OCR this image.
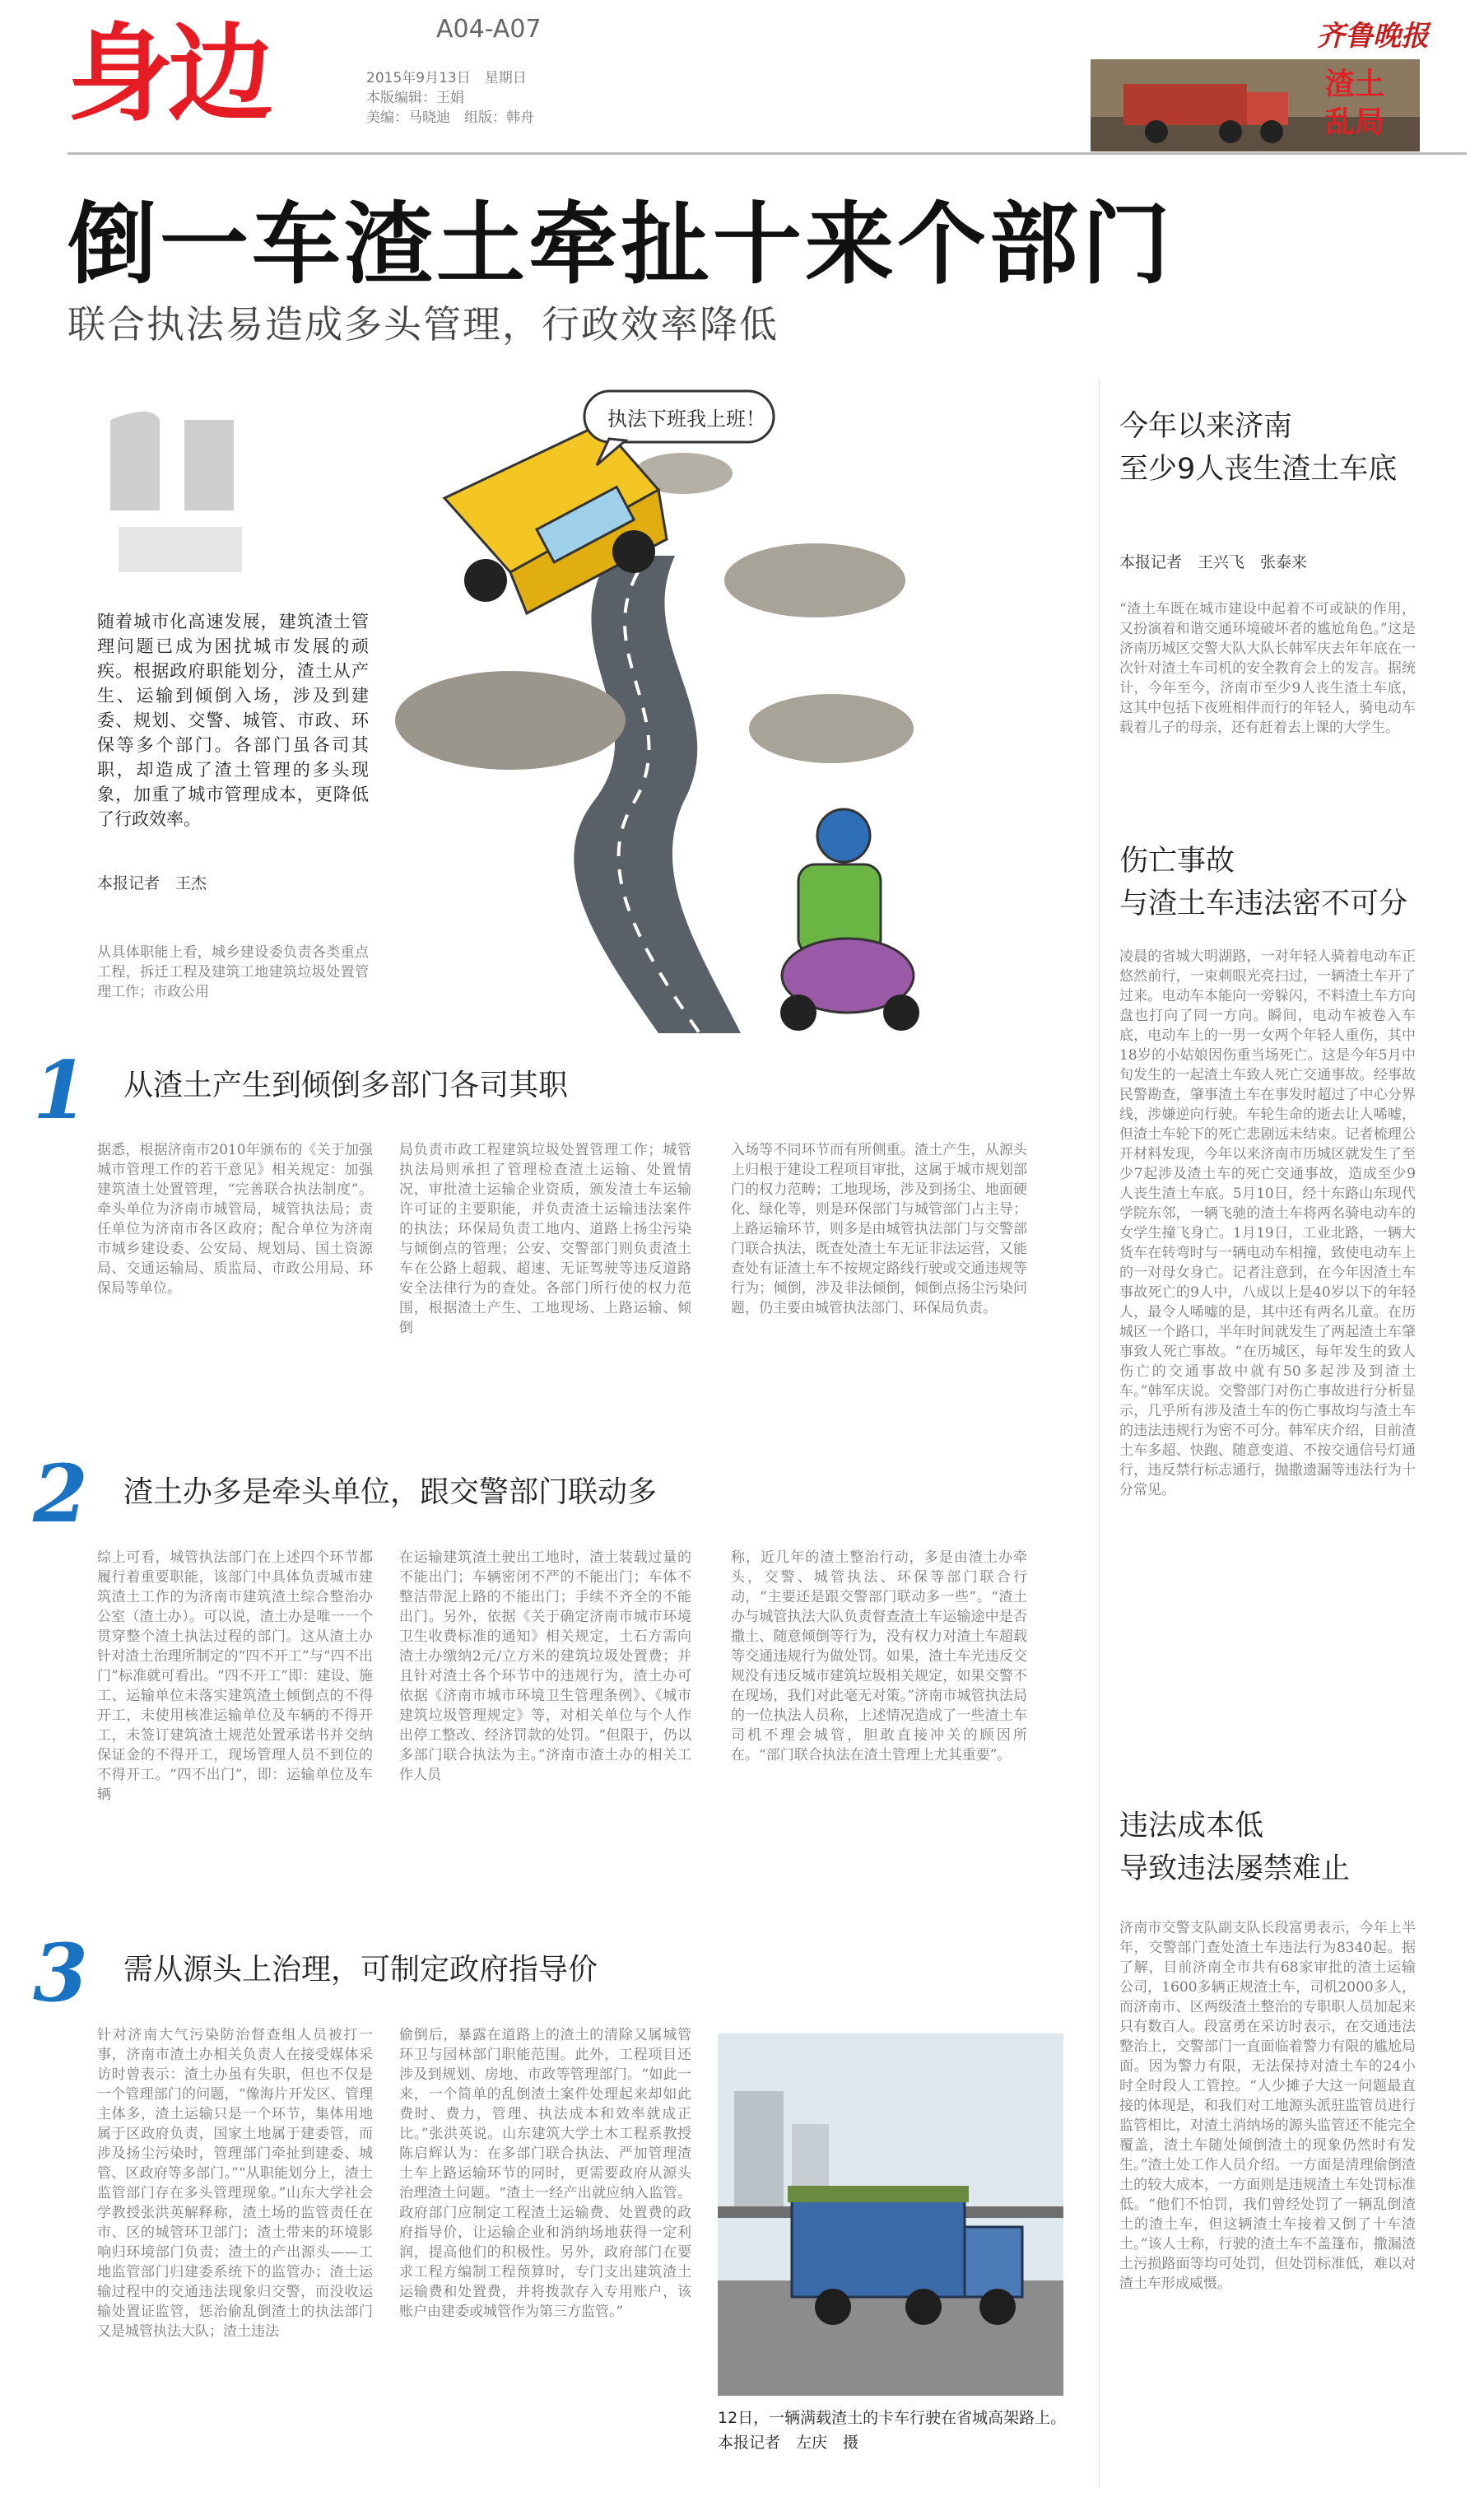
身边	A04-A07
2015年9月13日　星期日
本版编辑：王娟
美编：马晓迪　组版：韩舟
齐鲁晚报
渣土
乱局
倒一车渣土牵扯十来个部门
联合执法易造成多头管理，行政效率降低
随着城市化高速发展，建筑渣土管理问题已成为困扰城市发展的顽疾。根据政府职能划分，渣土从产生、运输到倾倒入场，涉及到建委、规划、交警、城管、市政、环保等多个部门。各部门虽各司其职，却造成了渣土管理的多头现象，加重了城市管理成本，更降低了行政效率。
本报记者　王杰
从具体职能上看，城乡建设委负责各类重点工程，拆迁工程及建筑工地建筑垃圾处置管理工作；市政公用
执法下班我上班！
1 从渣土产生到倾倒多部门各司其职
据悉，根据济南市2010年颁布的《关于加强城市管理工作的若干意见》相关规定：加强建筑渣土处置管理，“完善联合执法制度”。牵头单位为济南市城管局，城管执法局；责任单位为济南市各区政府；配合单位为济南市城乡建设委、公安局、规划局、国土资源局、交通运输局、质监局、市政公用局、环保局等单位。
局负责市政工程建筑垃圾处置管理工作；城管执法局则承担了管理检查渣土运输、处置情况，审批渣土运输企业资质，颁发渣土车运输许可证的主要职能，并负责渣土运输违法案件的执法；环保局负责工地内、道路上扬尘污染与倾倒点的管理；公安、交警部门则负责渣土车在公路上超载、超速、无证驾驶等违反道路安全法律行为的查处。各部门所行使的权力范围，根据渣土产生、工地现场、上路运输、倾倒
入场等不同环节而有所侧重。渣土产生，从源头上归根于建设工程项目审批，这属于城市规划部门的权力范畴；工地现场，涉及到扬尘、地面硬化、绿化等，则是环保部门与城管部门占主导；上路运输环节，则多是由城管执法部门与交警部门联合执法，既查处渣土车无证非法运营，又能查处有证渣土车不按规定路线行驶或交通违规等行为；倾倒，涉及非法倾倒，倾倒点扬尘污染问题，仍主要由城管执法部门、环保局负责。
2 渣土办多是牵头单位，跟交警部门联动多
综上可看，城管执法部门在上述四个环节都履行着重要职能，该部门中具体负责城市建筑渣土工作的为济南市建筑渣土综合整治办公室（渣土办）。可以说，渣土办是唯一一个贯穿整个渣土执法过程的部门。这从渣土办针对渣土治理所制定的“四不开工”与“四不出门”标准就可看出。“四不开工”即：建设、施工、运输单位未落实建筑渣土倾倒点的不得开工，未使用核准运输单位及车辆的不得开工，未签订建筑渣土规范处置承诺书并交纳保证金的不得开工，现场管理人员不到位的不得开工。“四不出门”，即：运输单位及车辆
在运输建筑渣土驶出工地时，渣土装载过量的不能出门；车辆密闭不严的不能出门；车体不整洁带泥上路的不能出门；手续不齐全的不能出门。另外，依据《关于确定济南市城市环境卫生收费标准的通知》相关规定，土石方需向渣土办缴纳2元/立方米的建筑垃圾处置费；并且针对渣土各个环节中的违规行为，渣土办可依据《济南市城市环境卫生管理条例》、《城市建筑垃圾管理规定》等，对相关单位与个人作出停工整改、经济罚款的处罚。“但限于，仍以多部门联合执法为主。”济南市渣土办的相关工作人员
称，近几年的渣土整治行动，多是由渣土办牵头，交警、城管执法、环保等部门联合行动，“主要还是跟交警部门联动多一些”。“渣土办与城管执法大队负责督查渣土车运输途中是否撒土、随意倾倒等行为，没有权力对渣土车超载等交通违规行为做处罚。如果，渣土车光违反交规没有违反城市建筑垃圾相关规定，如果交警不在现场，我们对此毫无对策。”济南市城管执法局的一位执法人员称，上述情况造成了一些渣土车司机不理会城管，胆敢直接冲关的顾因所在。“部门联合执法在渣土管理上尤其重要”。
3 需从源头上治理，可制定政府指导价
针对济南大气污染防治督查组人员被打一事，济南市渣土办相关负责人在接受媒体采访时曾表示：渣土办虽有失职，但也不仅是一个管理部门的问题，“像海片开发区、管理主体多，渣土运输只是一个环节，集体用地属于区政府负责，国家土地属于建委管，而涉及扬尘污染时，管理部门牵扯到建委、城管、区政府等多部门。”“从职能划分上，渣土监管部门存在多头管理现象。”山东大学社会学教授张洪英解释称，渣土场的监管责任在市、区的城管环卫部门；渣土带来的环境影响归环境部门负责；渣土的产出源头——工地监管部门归建委系统下的监管办；渣土运输过程中的交通违法现象归交警，而没收运输处置证监管，惩治偷乱倒渣土的执法部门又是城管执法大队；渣土违法
偷倒后，暴露在道路上的渣土的清除又属城管环卫与园林部门职能范围。此外，工程项目还涉及到规划、房地、市政等管理部门。“如此一来，一个简单的乱倒渣土案件处理起来却如此费时、费力，管理、执法成本和效率就成正比。”张洪英说。山东建筑大学土木工程系教授陈启辉认为：在多部门联合执法、严加管理渣土车上路运输环节的同时，更需要政府从源头治理渣土问题。“渣土一经产出就应纳入监管。政府部门应制定工程渣土运输费、处置费的政府指导价，让运输企业和消纳场地获得一定利润，提高他们的积极性。另外，政府部门在要求工程方编制工程预算时，专门支出建筑渣土运输费和处置费，并将拨款存入专用账户，该账户由建委或城管作为第三方监管。”
12日，一辆满载渣土的卡车行驶在省城高架路上。　　本报记者　左庆　摄
今年以来济南
至少9人丧生渣土车底
本报记者　王兴飞　张泰来
“渣土车既在城市建设中起着不可或缺的作用，又扮演着和谐交通环境破坏者的尴尬角色。”这是济南历城区交警大队大队长韩军庆去年年底在一次针对渣土车司机的安全教育会上的发言。据统计，今年至今，济南市至少9人丧生渣土车底，这其中包括下夜班相伴而行的年轻人，骑电动车载着儿子的母亲，还有赶着去上课的大学生。
伤亡事故
与渣土车违法密不可分
凌晨的省城大明湖路，一对年轻人骑着电动车正悠然前行，一束刺眼光亮扫过，一辆渣土车开了过来。电动车本能向一旁躲闪，不料渣土车方向盘也打向了同一方向。瞬间，电动车被卷入车底，电动车上的一男一女两个年轻人重伤，其中18岁的小姑娘因伤重当场死亡。这是今年5月中旬发生的一起渣土车致人死亡交通事故。经事故民警勘查，肇事渣土车在事发时超过了中心分界线，涉嫌逆向行驶。车轮生命的逝去让人唏嘘，但渣土车轮下的死亡悲剧远未结束。记者梳理公开材料发现，今年以来济南市历城区就发生了至少7起涉及渣土车的死亡交通事故，造成至少9人丧生渣土车底。5月10日，经十东路山东现代学院东邻，一辆飞驰的渣土车将两名骑电动车的女学生撞飞身亡。1月19日，工业北路，一辆大货车在转弯时与一辆电动车相撞，致使电动车上的一对母女身亡。记者注意到，在今年因渣土车事故死亡的9人中，八成以上是40岁以下的年轻人，最令人唏嘘的是，其中还有两名儿童。在历城区一个路口，半年时间就发生了两起渣土车肇事致人死亡事故。“在历城区，每年发生的致人伤亡的交通事故中就有50多起涉及到渣土车。”韩军庆说。交警部门对伤亡事故进行分析显示，几乎所有涉及渣土车的伤亡事故均与渣土车的违法违规行为密不可分。韩军庆介绍，目前渣土车多超、快跑、随意变道、不按交通信号灯通行，违反禁行标志通行，抛撒遗漏等违法行为十分常见。
违法成本低
导致违法屡禁难止
济南市交警支队副支队长段富勇表示，今年上半年，交警部门查处渣土车违法行为8340起。据了解，目前济南全市共有68家审批的渣土运输公司，1600多辆正规渣土车，司机2000多人，而济南市、区两级渣土整治的专职职人员加起来只有数百人。段富勇在采访时表示，在交通违法整治上，交警部门一直面临着警力有限的尴尬局面。因为警力有限，无法保持对渣土车的24小时全时段人工管控。“人少摊子大这一问题最直接的体现是，和我们对工地源头派驻监管员进行监管相比，对渣土消纳场的源头监管还不能完全覆盖，渣土车随处倾倒渣土的现象仍然时有发生。”渣土处工作人员介绍。一方面是清理偷倒渣土的较大成本，一方面则是违规渣土车处罚标准低。“他们不怕罚，我们曾经处罚了一辆乱倒渣土的渣土车，但这辆渣土车接着又倒了十车渣土。”该人士称，行驶的渣土车不盖篷布，撒漏渣土污损路面等均可处罚，但处罚标准低，难以对渣土车形成威慑。
